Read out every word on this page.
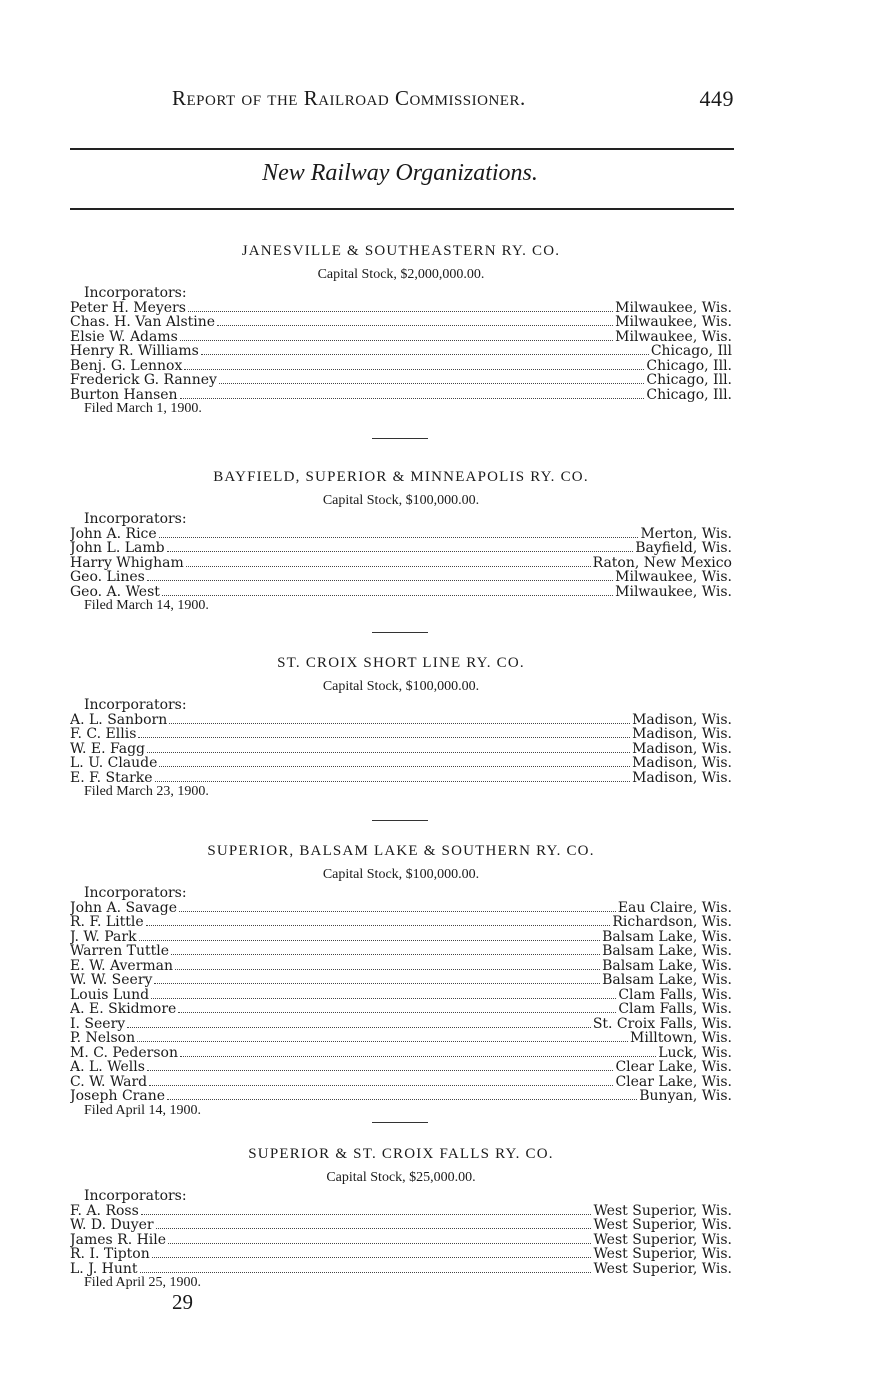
Report of the Railroad Commissioner.	449
New Railway Organizations.
JANESVILLE & SOUTHEASTERN RY. CO.
Capital Stock, $2,000,000.00.
Incorporators:
Peter H. Meyers	Milwaukee, Wis.
Chas. H. Van Alstine	Milwaukee, Wis.
Elsie W. Adams	Milwaukee, Wis.
Henry R. Williams	Chicago, Ill
Benj. G. Lennox	Chicago, Ill.
Frederick G. Ranney	Chicago, Ill.
Burton Hansen	Chicago, Ill.
Filed March 1, 1900.
BAYFIELD, SUPERIOR & MINNEAPOLIS RY. CO.
Capital Stock, $100,000.00.
Incorporators:
John A. Rice	Merton, Wis.
John L. Lamb	Bayfield, Wis.
Harry Whigham	Raton, New Mexico
Geo. Lines	Milwaukee, Wis.
Geo. A. West	Milwaukee, Wis.
Filed March 14, 1900.
ST. CROIX SHORT LINE RY. CO.
Capital Stock, $100,000.00.
Incorporators:
A. L. Sanborn	Madison, Wis.
F. C. Ellis	Madison, Wis.
W. E. Fagg	Madison, Wis.
L. U. Claude	Madison, Wis.
E. F. Starke	Madison, Wis.
Filed March 23, 1900.
SUPERIOR, BALSAM LAKE & SOUTHERN RY. CO.
Capital Stock, $100,000.00.
Incorporators:
John A. Savage	Eau Claire, Wis.
R. F. Little	Richardson, Wis.
J. W. Park	Balsam Lake, Wis.
Warren Tuttle	Balsam Lake, Wis.
E. W. Averman	Balsam Lake, Wis.
W. W. Seery	Balsam Lake, Wis.
Louis Lund	Clam Falls, Wis.
A. E. Skidmore	Clam Falls, Wis.
I. Seery	St. Croix Falls, Wis.
P. Nelson	Milltown, Wis.
M. C. Pederson	Luck, Wis.
A. L. Wells	Clear Lake, Wis.
C. W. Ward	Clear Lake, Wis.
Joseph Crane	Bunyan, Wis.
Filed April 14, 1900.
SUPERIOR & ST. CROIX FALLS RY. CO.
Capital Stock, $25,000.00.
Incorporators:
F. A. Ross	West Superior, Wis.
W. D. Duyer	West Superior, Wis.
James R. Hile	West Superior, Wis.
R. I. Tipton	West Superior, Wis.
L. J. Hunt	West Superior, Wis.
Filed April 25, 1900.
29
